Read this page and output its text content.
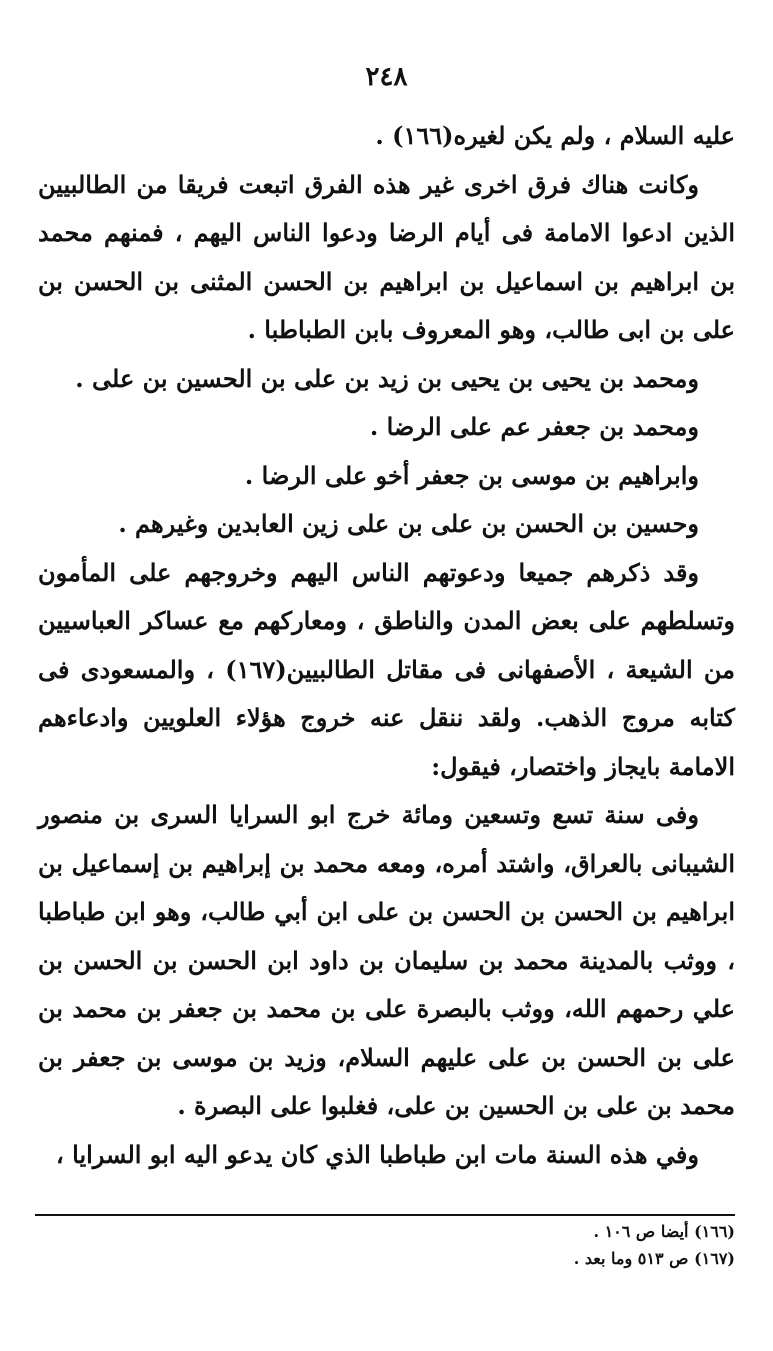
٢٤٨

عليه السلام ، ولم يكن لغيره(١٦٦) .

وكانت هناك فرق اخرى غير هذه الفرق اتبعت فريقا من الطالبيين الذين ادعوا الامامة فى أيام الرضا ودعوا الناس اليهم ، فمنهم محمد بن ابراهيم بن اسماعيل بن ابراهيم بن الحسن المثنى بن الحسن بن على بن ابى طالب، وهو المعروف بابن الطباطبا .

ومحمد بن يحيى بن يحيى بن زيد بن على بن الحسين بن على .

ومحمد بن جعفر عم على الرضا .

وابراهيم بن موسى بن جعفر أخو على الرضا .

وحسين بن الحسن بن على بن على زين العابدين وغيرهم .

وقد ذكرهم جميعا ودعوتهم الناس اليهم وخروجهم على المأمون وتسلطهم على بعض المدن والناطق ، ومعاركهم مع عساكر العباسيين من الشيعة ، الأصفهانى فى مقاتل الطالبيين(١٦٧) ، والمسعودى فى كتابه مروج الذهب. ولقد ننقل عنه خروج هؤلاء العلويين وادعاءهم الامامة بايجاز واختصار، فيقول:

وفى سنة تسع وتسعين ومائة خرج ابو السرايا السرى بن منصور الشيبانى بالعراق، واشتد أمره، ومعه محمد بن إبراهيم بن إسماعيل بن ابراهيم بن الحسن بن الحسن بن على ابن أبي طالب، وهو ابن طباطبا ، ووثب بالمدينة محمد بن سليمان بن داود ابن الحسن بن الحسن بن علي رحمهم الله، ووثب بالبصرة على بن محمد بن جعفر بن محمد بن على بن الحسن بن على عليهم السلام، وزيد بن موسى بن جعفر بن محمد بن على بن الحسين بن على، فغلبوا على البصرة .

وفي هذه السنة مات ابن طباطبا الذي كان يدعو اليه ابو السرايا ،

(١٦٦) أيضا ص ١٠٦ .

(١٦٧) ص ٥١٣ وما بعد .
